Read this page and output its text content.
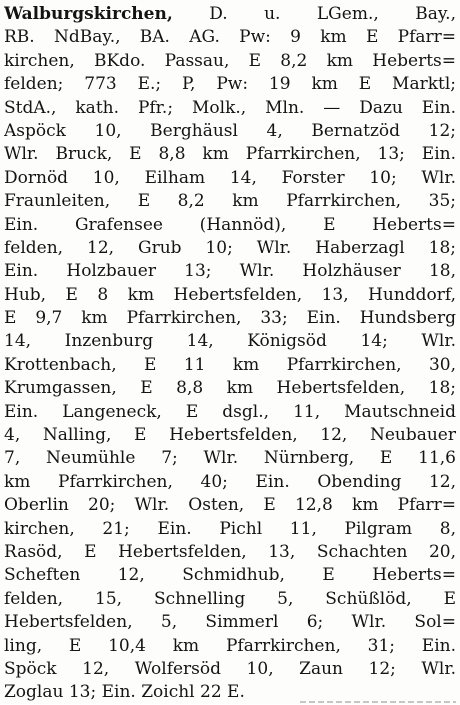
Walburgskirchen, D. u. LGem., Bay.,
RB. NdBay., BA. AG. Pw: 9 km E Pfarr=
kirchen, BKdo. Passau, E 8,2 km Heberts=
felden; 773 E.; P, Pw: 19 km E Marktl;
StdA., kath. Pfr.; Molk., Mln. — Dazu Ein.
Aspöck 10, Berghäusl 4, Bernatzöd 12;
Wlr. Bruck, E 8,8 km Pfarrkirchen, 13; Ein.
Dornöd 10, Eilham 14, Forster 10; Wlr.
Fraunleiten, E 8,2 km Pfarrkirchen, 35;
Ein. Grafensee (Hannöd), E Heberts=
felden, 12, Grub 10; Wlr. Haberzagl 18;
Ein. Holzbauer 13; Wlr. Holzhäuser 18,
Hub, E 8 km Hebertsfelden, 13, Hunddorf,
E 9,7 km Pfarrkirchen, 33; Ein. Hundsberg
14, Inzenburg 14, Königsöd 14; Wlr.
Krottenbach, E 11 km Pfarrkirchen, 30,
Krumgassen, E 8,8 km Hebertsfelden, 18;
Ein. Langeneck, E dsgl., 11, Mautschneid
4, Nalling, E Hebertsfelden, 12, Neubauer
7, Neumühle 7; Wlr. Nürnberg, E 11,6
km Pfarrkirchen, 40; Ein. Obending 12,
Oberlin 20; Wlr. Osten, E 12,8 km Pfarr=
kirchen, 21; Ein. Pichl 11, Pilgram 8,
Rasöd, E Hebertsfelden, 13, Schachten 20,
Scheften 12, Schmidhub, E Heberts=
felden, 15, Schnelling 5, Schüßlöd, E
Hebertsfelden, 5, Simmerl 6; Wlr. Sol=
ling, E 10,4 km Pfarrkirchen, 31; Ein.
Spöck 12, Wolfersöd 10, Zaun 12; Wlr.
Zoglau 13; Ein. Zoichl 22 E.
